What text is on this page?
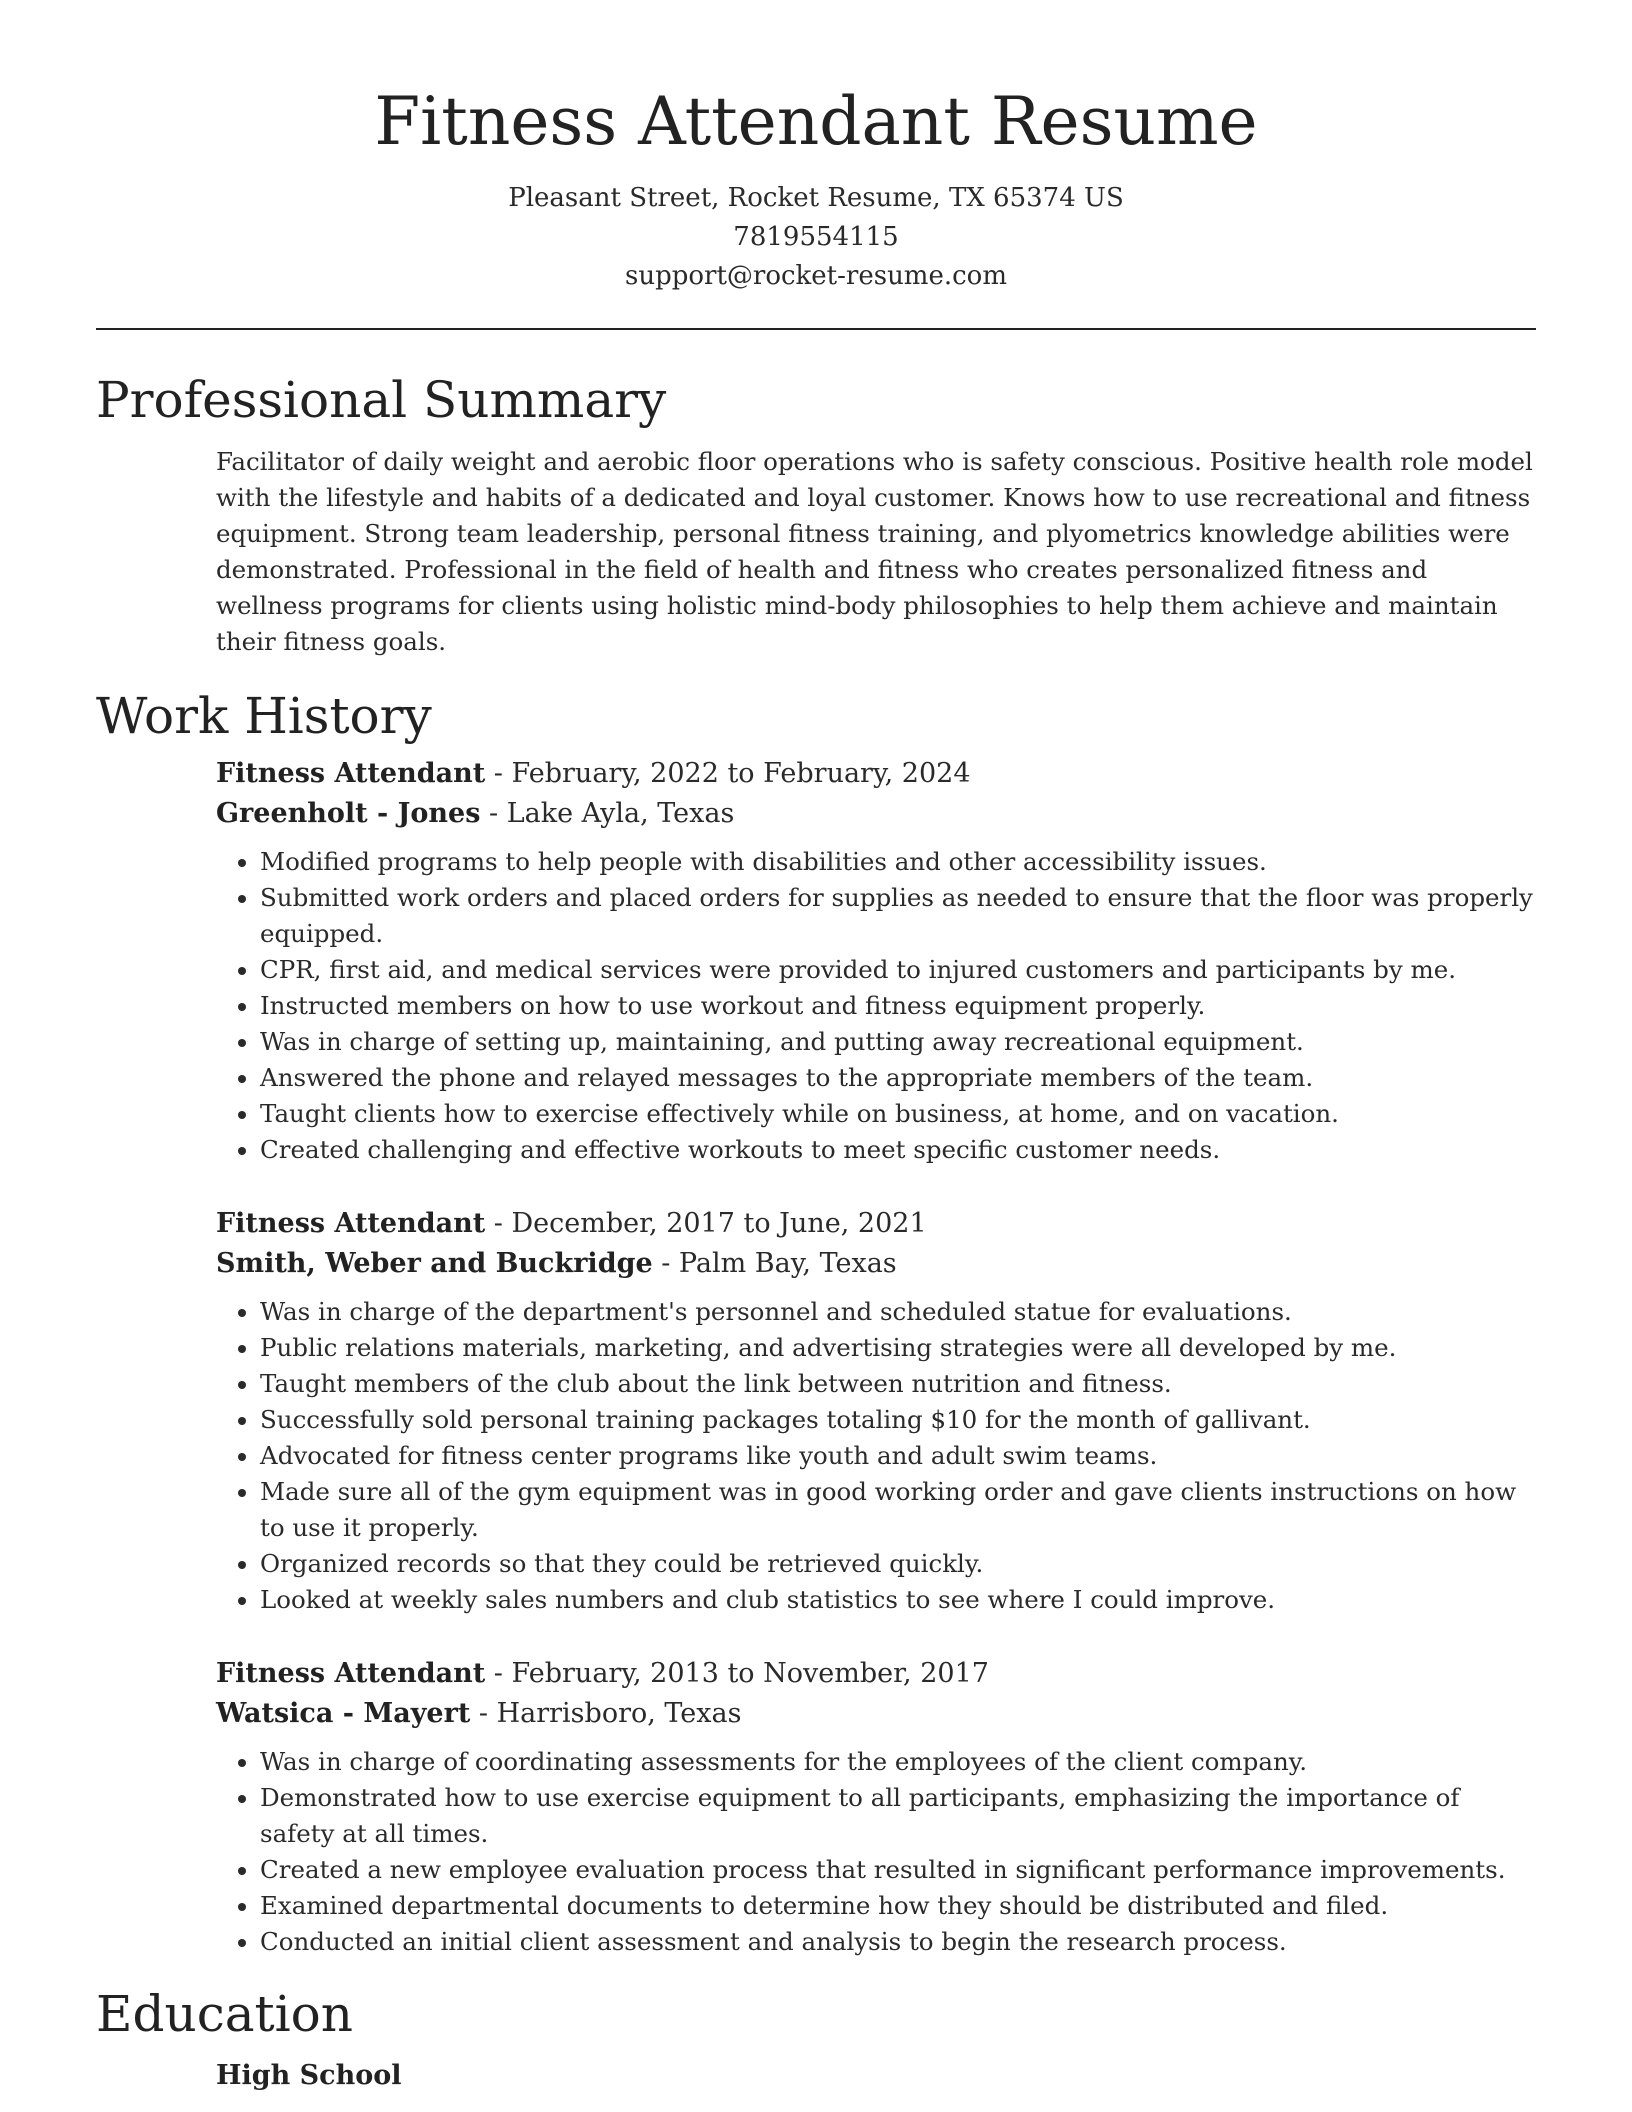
Fitness Attendant Resume
Pleasant Street, Rocket Resume, TX 65374 US
7819554115
support@rocket-resume.com
Professional Summary
Facilitator of daily weight and aerobic floor operations who is safety conscious. Positive health role model with the lifestyle and habits of a dedicated and loyal customer. Knows how to use recreational and fitness equipment. Strong team leadership, personal fitness training, and plyometrics knowledge abilities were demonstrated. Professional in the field of health and fitness who creates personalized fitness and wellness programs for clients using holistic mind-body philosophies to help them achieve and maintain their fitness goals.
Work History
Fitness Attendant - February, 2022 to February, 2024
Greenholt - Jones - Lake Ayla, Texas
• Modified programs to help people with disabilities and other accessibility issues.
• Submitted work orders and placed orders for supplies as needed to ensure that the floor was properly equipped.
• CPR, first aid, and medical services were provided to injured customers and participants by me.
• Instructed members on how to use workout and fitness equipment properly.
• Was in charge of setting up, maintaining, and putting away recreational equipment.
• Answered the phone and relayed messages to the appropriate members of the team.
• Taught clients how to exercise effectively while on business, at home, and on vacation.
• Created challenging and effective workouts to meet specific customer needs.
Fitness Attendant - December, 2017 to June, 2021
Smith, Weber and Buckridge - Palm Bay, Texas
• Was in charge of the department's personnel and scheduled statue for evaluations.
• Public relations materials, marketing, and advertising strategies were all developed by me.
• Taught members of the club about the link between nutrition and fitness.
• Successfully sold personal training packages totaling $10 for the month of gallivant.
• Advocated for fitness center programs like youth and adult swim teams.
• Made sure all of the gym equipment was in good working order and gave clients instructions on how to use it properly.
• Organized records so that they could be retrieved quickly.
• Looked at weekly sales numbers and club statistics to see where I could improve.
Fitness Attendant - February, 2013 to November, 2017
Watsica - Mayert - Harrisboro, Texas
• Was in charge of coordinating assessments for the employees of the client company.
• Demonstrated how to use exercise equipment to all participants, emphasizing the importance of safety at all times.
• Created a new employee evaluation process that resulted in significant performance improvements.
• Examined departmental documents to determine how they should be distributed and filed.
• Conducted an initial client assessment and analysis to begin the research process.
Education
High School
